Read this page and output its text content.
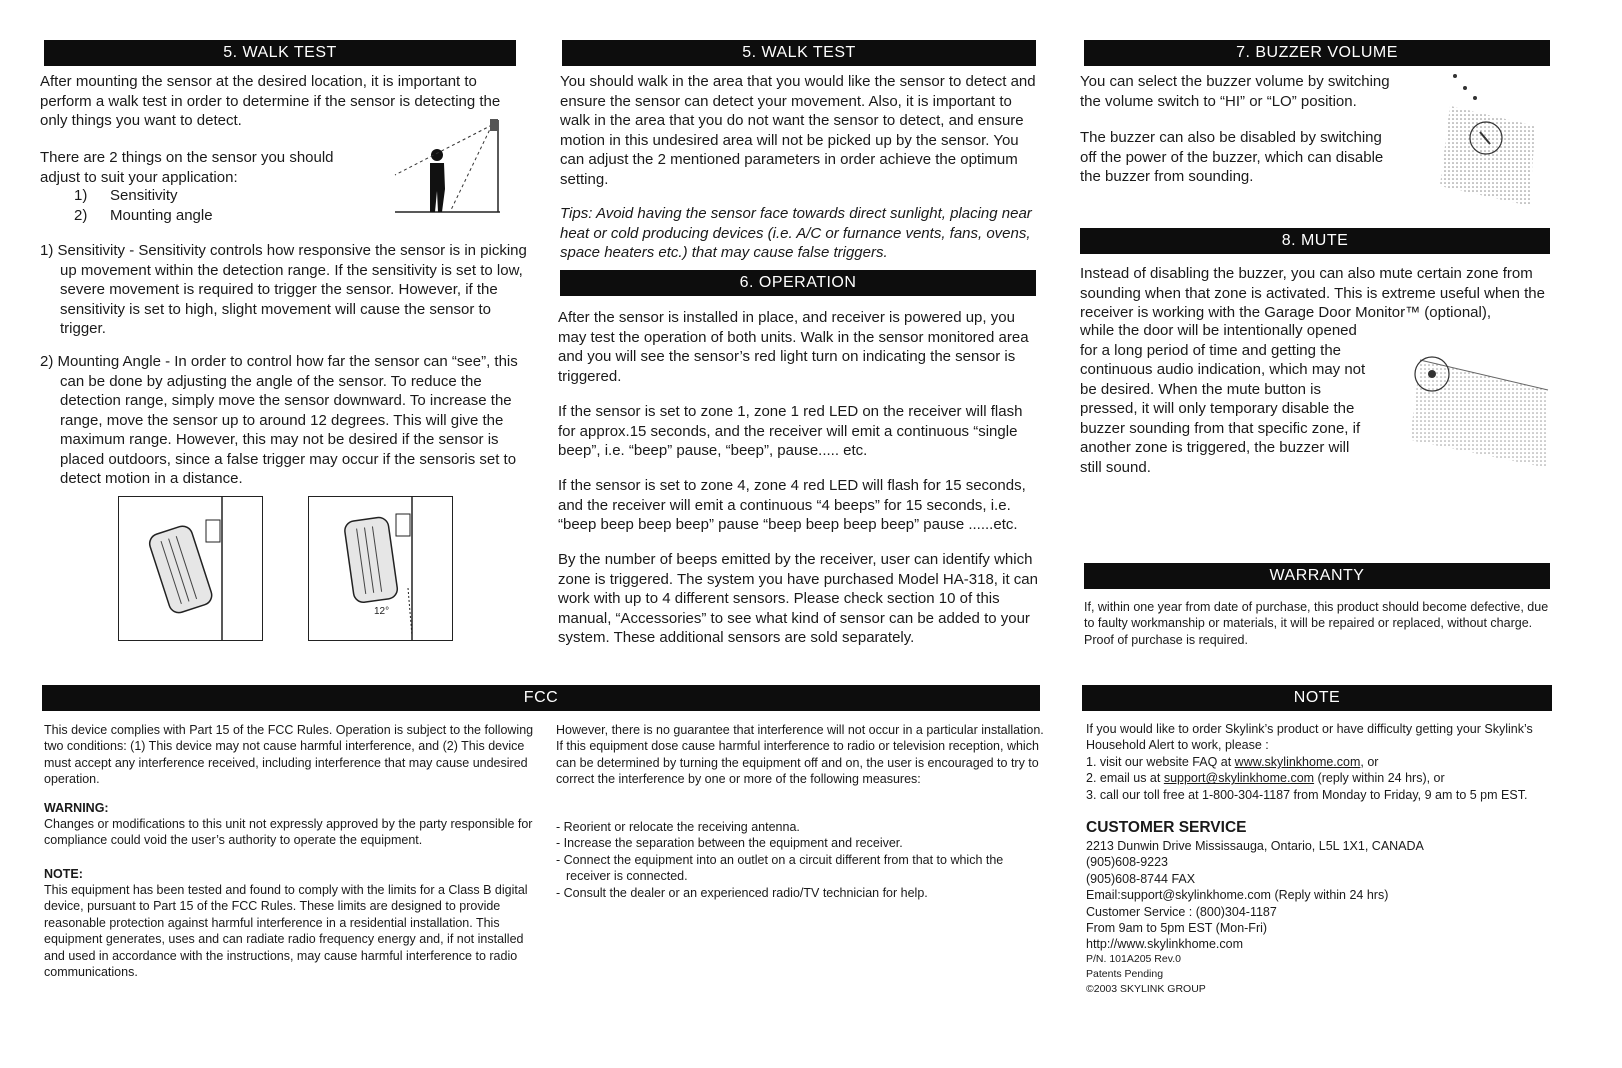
5. WALK TEST
After mounting the sensor at the desired location, it is important to perform a walk test in order to determine if the sensor is detecting the only things you want to detect.
There are 2 things on the sensor you should adjust to suit your application:
1) Sensitivity
2) Mounting angle
1) Sensitivity - Sensitivity controls how responsive the sensor is in picking up movement within the detection range. If the sensitivity is set to low, severe movement is required to trigger the sensor. However, if the sensitivity is set to high, slight movement will cause the sensor to trigger.
2) Mounting Angle - In order to control how far the sensor can “see”, this can be done by adjusting the angle of the sensor. To reduce the detection range, simply move the sensor downward. To increase the range, move the sensor up to around 12 degrees. This will give the maximum range. However, this may not be desired if the sensor is placed outdoors, since a false trigger may occur if the sensoris set to detect motion in a distance.
12°
5. WALK TEST
You should walk in the area that you would like the sensor to detect and ensure the sensor can detect your movement. Also, it is important to walk in the area that you do not want the sensor to detect, and ensure motion in this undesired area will not be picked up by the sensor. You can adjust the 2 mentioned parameters in order achieve the optimum setting.
Tips: Avoid having the sensor face towards direct sunlight, placing near heat or cold producing devices (i.e. A/C or furnance vents, fans, ovens, space heaters etc.) that may cause false triggers.
6. OPERATION
After the sensor is installed in place, and receiver is powered up, you may test the operation of both units. Walk in the sensor monitored area and you will see the sensor’s red light turn on indicating the sensor is triggered.
If the sensor is set to zone 1, zone 1 red LED on the receiver will flash for approx.15 seconds, and the receiver will emit a continuous “single beep”, i.e. “beep” pause, “beep”, pause..... etc.
If the sensor is set to zone 4, zone 4 red LED will flash for 15 seconds, and the receiver will emit a continuous “4 beeps” for 15 seconds, i.e. “beep beep beep beep” pause “beep beep beep beep” pause ......etc.
By the number of beeps emitted by the receiver, user can identify which zone is triggered. The system you have purchased Model HA-318, it can work with up to 4 different sensors. Please check section 10 of this manual, “Accessories” to see what kind of sensor can be added to your system. These additional sensors are sold separately.
7. BUZZER VOLUME
You can select the buzzer volume by switching the volume switch to “HI” or “LO” position.
The buzzer can also be disabled by switching off the power of the buzzer, which can disable the buzzer from sounding.
8. MUTE
Instead of disabling the buzzer, you can also mute certain zone from sounding when that zone is activated. This is extreme useful when the receiver is working with the Garage Door Monitor™ (optional),
while the door will be intentionally opened for a long period of time and getting the continuous audio indication, which may not be desired. When the mute button is pressed, it will only temporary disable the buzzer sounding from that specific zone, if another zone is triggered, the buzzer will still sound.
WARRANTY
If, within one year from date of purchase, this product should become defective, due to faulty workmanship or materials, it will be repaired or replaced, without charge. Proof of purchase is required.
FCC
This device complies with Part 15 of the FCC Rules. Operation is subject to the following two conditions: (1) This device may not cause harmful interference, and (2) This device must accept any interference received, including interference that may cause undesired operation.
WARNING:
Changes or modifications to this unit not expressly approved by the party responsible for compliance could void the user’s authority to operate the equipment.
NOTE:
This equipment has been tested and found to comply with the limits for a Class B digital device, pursuant to Part 15 of the FCC Rules. These limits are designed to provide reasonable protection against harmful interference in a residential installation. This equipment generates, uses and can radiate radio frequency energy and, if not installed and used in accordance with the instructions, may cause harmful interference to radio communications.
However, there is no guarantee that interference will not occur in a particular installation. If this equipment dose cause harmful interference to radio or television reception, which can be determined by turning the equipment off and on, the user is encouraged to try to correct the interference by one or more of the following measures:
- Reorient or relocate the receiving antenna.
- Increase the separation between the equipment and receiver.
- Connect the equipment into an outlet on a circuit different from that to which the receiver is connected.
- Consult the dealer or an experienced radio/TV technician for help.
NOTE
If you would like to order Skylink’s product or have difficulty getting your Skylink’s Household Alert to work, please :
1. visit our website FAQ at www.skylinkhome.com, or
2. email us at support@skylinkhome.com (reply within 24 hrs), or
3. call our toll free at 1-800-304-1187 from Monday to Friday, 9 am to 5 pm EST.
CUSTOMER SERVICE
2213 Dunwin Drive Mississauga, Ontario, L5L 1X1, CANADA
(905)608-9223
(905)608-8744 FAX
Email:support@skylinkhome.com (Reply within 24 hrs)
Customer Service : (800)304-1187
From 9am to 5pm EST (Mon-Fri)
http://www.skylinkhome.com
P/N. 101A205 Rev.0
Patents Pending
©2003 SKYLINK GROUP
